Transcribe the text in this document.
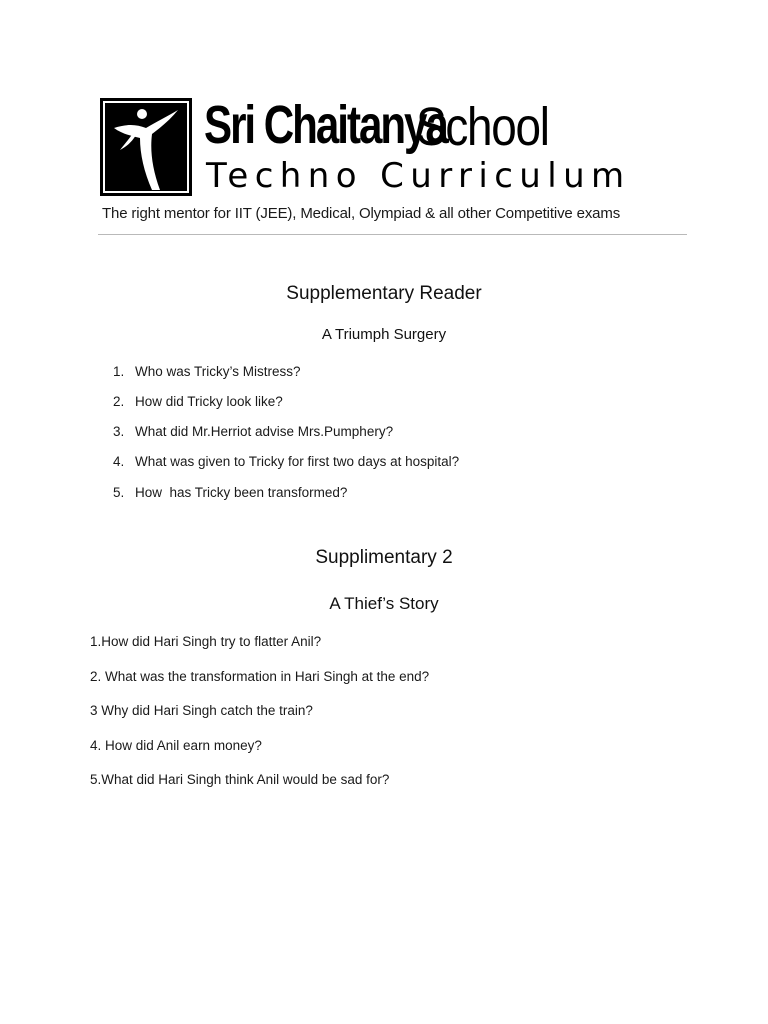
Sri Chaitanya
School
Techno Curriculum
The right mentor for IIT (JEE), Medical, Olympiad & all other Competitive exams
Supplementary Reader
A Triumph Surgery
1. Who was Tricky’s Mistress?
2. How did Tricky look like?
3. What did Mr.Herriot advise Mrs.Pumphery?
4. What was given to Tricky for first two days at hospital?
5. How  has Tricky been transformed?
Supplimentary 2
A Thief’s Story
1.How did Hari Singh try to flatter Anil?
2. What was the transformation in Hari Singh at the end?
3 Why did Hari Singh catch the train?
4. How did Anil earn money?
5.What did Hari Singh think Anil would be sad for?
